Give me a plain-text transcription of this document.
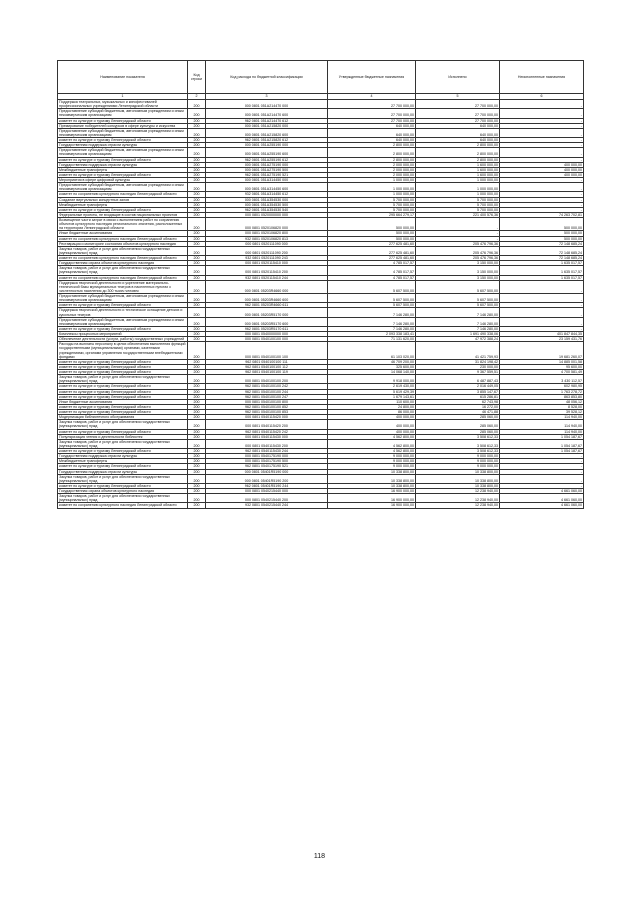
Наименование показателя	Код строки	Код расхода по бюджетной классификации	Утвержденные бюджетные назначения	Исполнено	Неисполненные назначения
1	2	3	4	5	6
Поддержка театральных, музыкальных и кинофестивалей профессиональных учреждениями Ленинградской области	200	000 0801 051А214470 000	27 700 000,00	27 700 000,00	-
Предоставление субсидий бюджетным, автономным учреждениям и иным некоммерческим организациям	200	000 0801 051А214470 600	27 700 000,00	27 700 000,00	-
комитет по культуре и туризму Ленинградской области	200	962 0801 051А214470 612	27 700 000,00	27 700 000,00	-
Премирование победителей конкурсов в сфере культуры и искусства	200	000 0801 051А215820 000	640 000,00	640 000,00	-
Предоставление субсидий бюджетным, автономным учреждениям и иным некоммерческим организациям	200	000 0801 051А215820 600	640 000,00	640 000,00	-
комитет по культуре и туризму Ленинградской области	200	962 0801 051А215820 612	640 000,00	640 000,00	-
Государственная поддержка отрасли культуры	200	000 0801 051А255190 000	2 800 000,00	2 800 000,00	-
Предоставление субсидий бюджетным, автономным учреждениям и иным некоммерческим организациям	200	000 0801 051А255190 600	2 800 000,00	2 800 000,00	-
комитет по культуре и туризму Ленинградской области	200	962 0801 051А255190 612	2 800 000,00	2 800 000,00	-
Государственная поддержка отрасли культуры	200	000 0801 051А275190 000	2 000 000,00	1 600 000,00	400 000,00
Межбюджетные трансферты	200	000 0801 051А275190 500	2 000 000,00	1 600 000,00	400 000,00
комитет по культуре и туризму Ленинградской области	200	962 0801 051А275190 521	2 000 000,00	1 600 000,00	400 000,00
Мероприятия в сфере цифровой культуры	200	000 0801 051А314450 000	1 000 000,00	1 000 000,00	-
Предоставление субсидий бюджетным, автономным учреждениям и иным некоммерческим организациям	200	000 0801 051А314450 600	1 000 000,00	1 000 000,00	-
комитет по сохранению культурного наследия Ленинградской области	200	932 0801 051А314450 612	1 000 000,00	1 000 000,00	-
Создание виртуальных концертных залов	200	000 0801 051А354530 000	5 700 000,00	5 700 000,00	-
Межбюджетные трансферты	200	000 0801 051А354530 500	5 700 000,00	5 700 000,00	-
комитет по культуре и туризму Ленинградской области	200	962 0801 051А354530 540	5 700 000,00	5 700 000,00	-
Федеральные проекты, не входящие в состав национальных проектов	200	000 0801 0520000000 000	295 664 279,17	221 400 576,36	74 263 702,81
Возмещение части затрат в связи с выполнением работ по сохранению объектов культурного наследия регионального значения, расположенных на территории Ленинградской области	200	000 0801 0520106820 000	500 000,00	-	500 000,00
Иные бюджетные ассигнования	200	000 0801 0520106820 800	500 000,00	-	500 000,00
комитет по сохранению культурного наследия Ленинградской области	200	932 0801 0520106820 813	500 000,00	-	500 000,00
Реставрация и мониторинг состояния объектов культурного наследия	200	000 0801 0520111090 000	277 625 481,60	205 476 796,36	72 148 685,24
Закупка товаров, работ и услуг для обеспечения государственных (муниципальных) нужд	200	000 0801 0520111090 200	277 625 481,60	205 476 796,36	72 148 685,24
комитет по сохранению культурного наследия Ленинградской области	200	932 0801 0520111090 243	277 625 481,60	205 476 796,36	72 148 685,24
Государственная охрана объектов культурного наследия	200	000 0801 0520115410 000	4 785 017,57	3 150 000,00	1 635 017,57
Закупка товаров, работ и услуг для обеспечения государственных (муниципальных) нужд	200	000 0801 0520115410 200	4 785 017,57	3 150 000,00	1 635 017,57
комитет по сохранению культурного наследия Ленинградской области	200	932 0801 0520115410 244	4 785 017,57	3 150 000,00	1 635 017,57
Поддержка творческой деятельности и укрепление материально-технической базы муниципальных театров в населенных пунктах с численностью населения до 300 тысяч человек	200	000 0801 05203R4660 000	5 607 500,00	5 607 500,00	-
Предоставление субсидий бюджетным, автономным учреждениям и иным некоммерческим организациям	200	000 0801 05203R4660 600	5 607 500,00	5 607 500,00	-
комитет по культуре и туризму Ленинградской области	200	962 0801 05203R4660 611	5 607 500,00	5 607 500,00	-
Поддержка творческой деятельности и техническое оснащение детских и кукольных театров	200	000 0801 05203R5170 000	7 146 280,00	7 146 280,00	-
Предоставление субсидий бюджетным, автономным учреждениям и иным некоммерческим организациям	200	000 0801 05203R5170 600	7 146 280,00	7 146 280,00	-
комитет по культуре и туризму Ленинградской области	200	962 0801 05203R5170 611	7 146 280,00	7 146 280,00	-
Комплексы процессных мероприятий	200	000 0801 0540000000 000	2 093 338 183,41	1 691 490 338,06	401 847 844,35
Обеспечение деятельности (услуги, работы) государственных учреждений	200	000 0801 0540100100 000	71 131 620,00	47 972 388,24	23 159 431,76
Расходы на выплаты персоналу в целях обеспечения выполнения функций государственными (муниципальными) органами, казенными учреждениями, органами управления государственными внебюджетными фондами	200	000 0801 0540100100 100	61 103 020,00	41 421 759,93	19 681 260,07
комитет по культуре и туризму Ленинградской области	200	962 0801 0540100100 111	46 709 200,00	31 824 198,42	14 885 001,58
комитет по культуре и туризму Ленинградской области	200	962 0801 0540100100 112	325 600,00	230 000,00	95 600,00
комитет по культуре и туризму Ленинградской области	200	962 0801 0540100100 119	14 068 140,00	9 367 559,51	4 700 581,49
Закупка товаров, работ и услуг для обеспечения государственных (муниципальных) нужд	200	000 0801 0540100100 200	9 918 000,00	6 487 887,43	3 430 112,57
комитет по культуре и туризму Ленинградской области	200	962 0801 0540100100 242	2 619 430,00	2 016 449,05	602 980,95
комитет по культуре и туризму Ленинградской области	200	962 0801 0540100100 244	5 619 429,39	3 855 147,67	1 763 278,72
комитет по культуре и туризму Ленинградской области	200	962 0801 0540100100 247	1 679 143,61	615 286,81	863 853,80
Иные бюджетные ассигнования	200	000 0801 0540100100 800	110 600,00	62 743,98	48 056,12
комитет по культуре и туризму Ленинградской области	200	962 0801 0540100100 852	24 800,00	16 272,00	8 528,00
комитет по культуре и туризму Ленинградской области	200	962 0801 0540100100 853	86 000,00	46 471,88	39 528,12
Модернизация библиотечного обслуживания	200	000 0801 0540115420 000	400 000,00	285 060,00	114 940,00
Закупка товаров, работ и услуг для обеспечения государственных (муниципальных) нужд	200	000 0801 0540115420 200	400 000,00	285 060,00	114 940,00
комитет по культуре и туризму Ленинградской области	200	962 0801 0540115420 242	400 000,00	285 060,00	114 940,00
Популяризация чтения и деятельности библиотек	200	000 0801 0540115430 000	4 562 800,00	3 508 612,33	1 054 187,67
Закупка товаров, работ и услуг для обеспечения государственных (муниципальных) нужд	200	000 0801 0540115430 200	4 562 800,00	3 508 612,33	1 054 187,67
комитет по культуре и туризму Ленинградской области	200	962 0801 0540115430 244	4 562 800,00	3 508 612,33	1 054 187,67
Государственная поддержка отрасли культуры	200	000 0801 0540175190 000	9 000 000,00	9 000 000,00	-
Межбюджетные трансферты	200	000 0801 0540175190 500	9 000 000,00	9 000 000,00	-
комитет по культуре и туризму Ленинградской области	200	962 0801 0540175190 521	9 000 000,00	9 000 000,00	-
Государственная поддержка отрасли культуры	200	000 0801 05401R5190 000	10 338 800,00	10 338 800,00	-
Закупка товаров, работ и услуг для обеспечения государственных (муниципальных) нужд	200	000 0801 05401R5190 200	10 338 800,00	10 338 800,00	-
комитет по культуре и туризму Ленинградской области	200	962 0801 05401R5190 244	10 338 800,00	10 338 800,00	-
Государственная охрана объектов культурного наследия	200	000 0801 0540215440 000	16 900 000,00	12 238 940,00	4 661 060,00
Закупка товаров, работ и услуг для обеспечения государственных (муниципальных) нужд	200	000 0801 0540215440 200	16 900 000,00	12 238 940,00	4 661 060,00
комитет по сохранению культурного наследия Ленинградской области	200	932 0801 0540215440 244	16 900 000,00	12 238 940,00	4 661 060,00
118
